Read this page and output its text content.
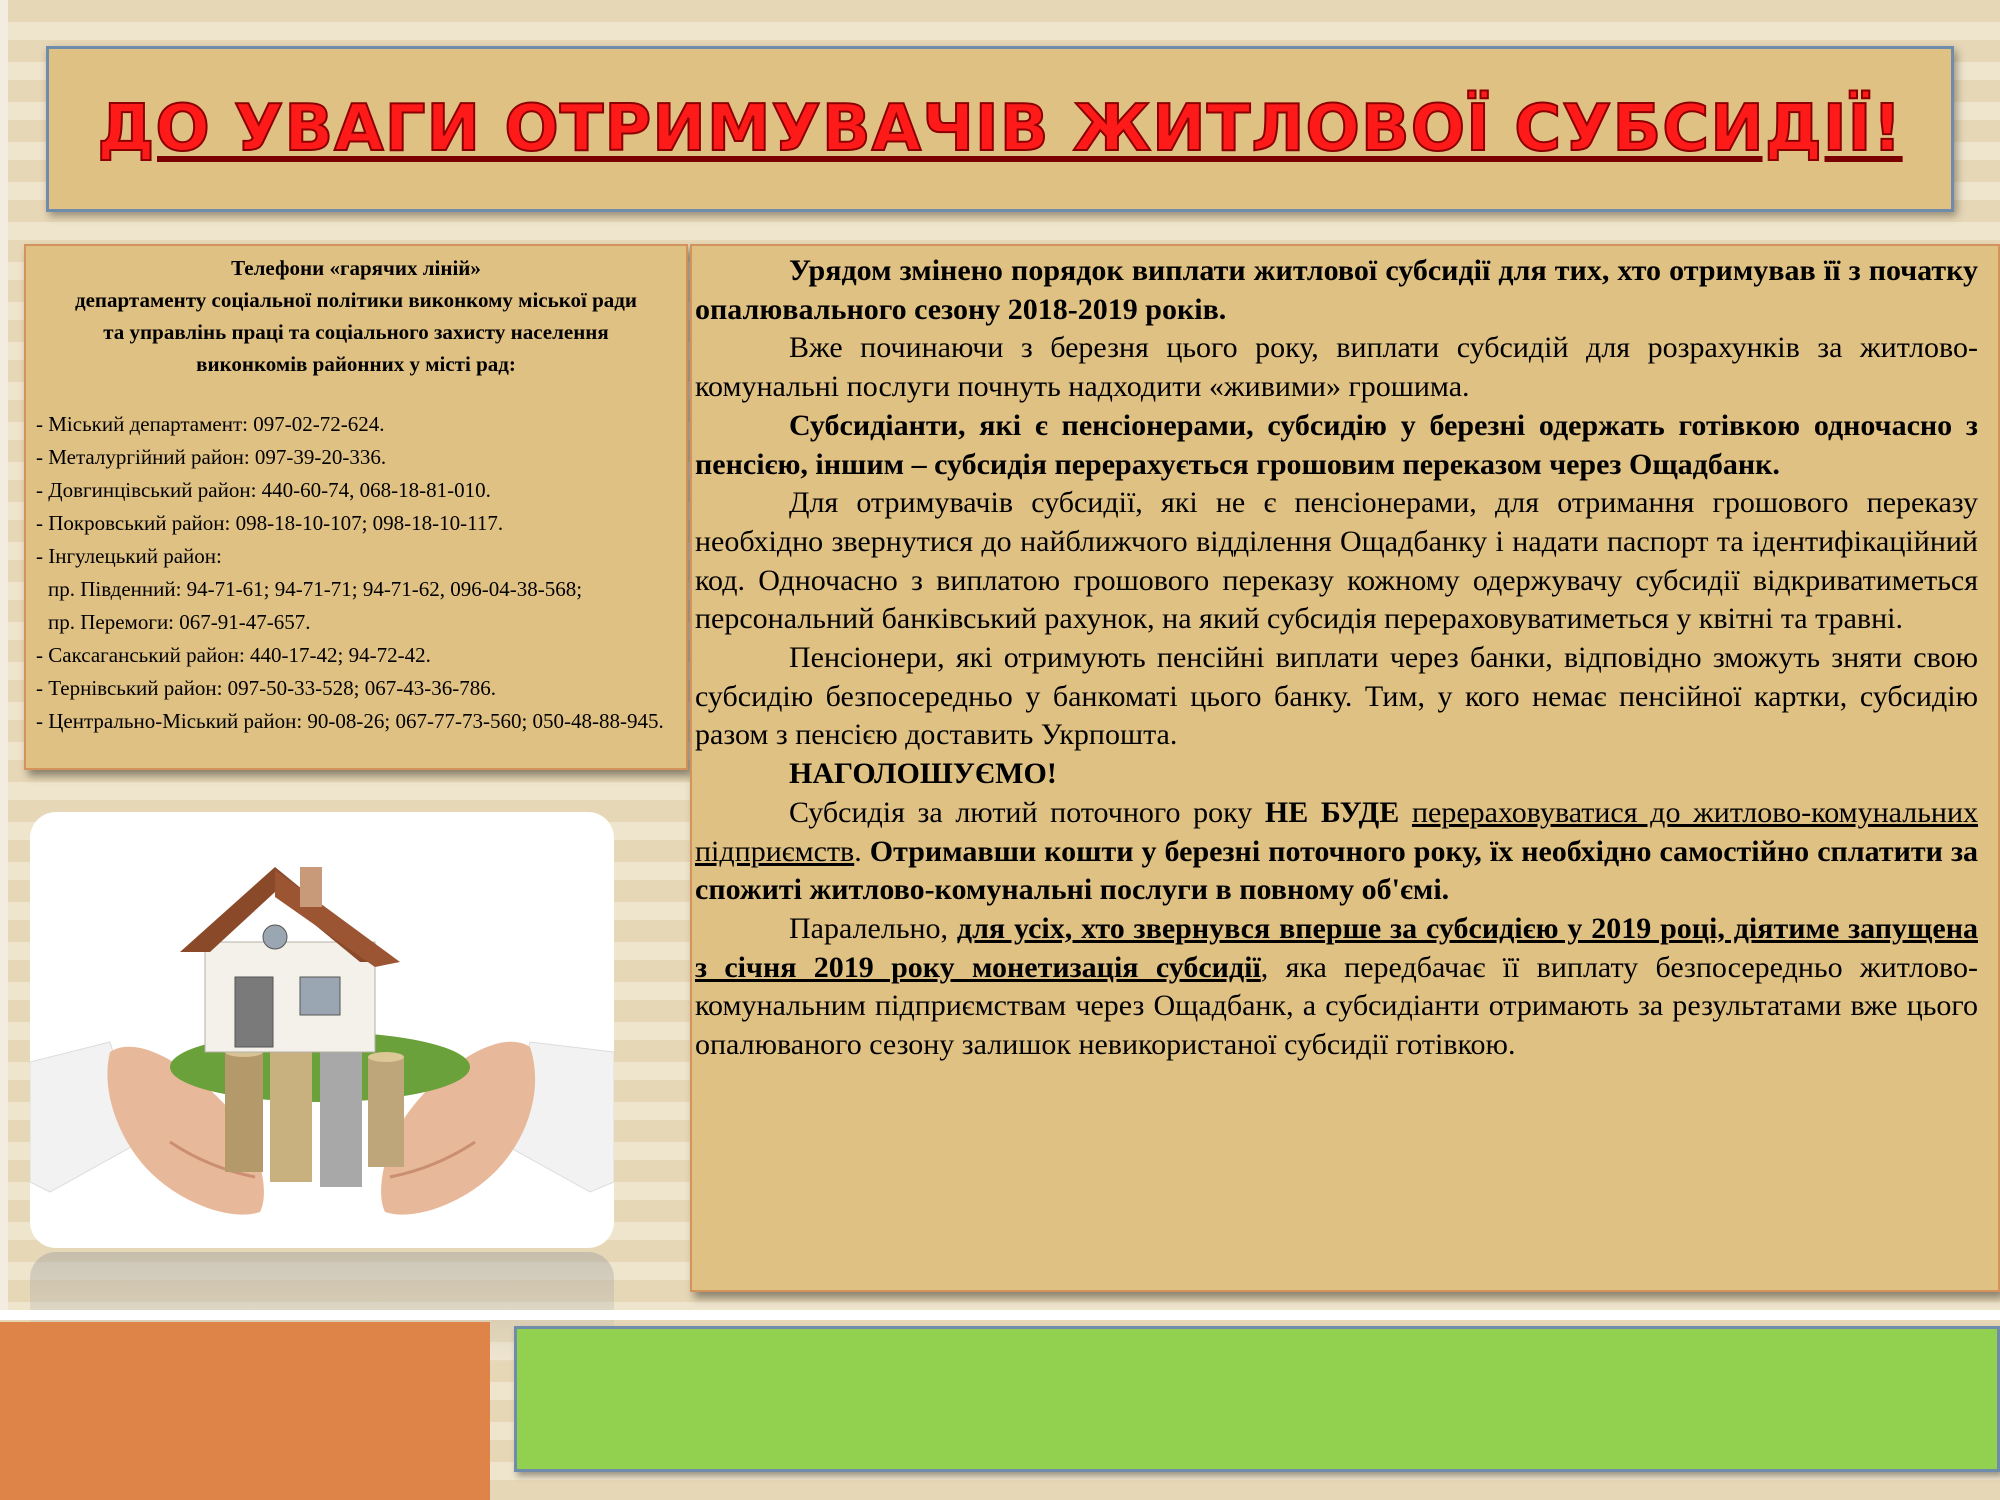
ДО УВАГИ ОТРИМУВАЧІВ ЖИТЛОВОЇ СУБСИДІЇ!
Телефони «гарячих ліній»
департаменту соціальної політики виконкому міської ради
та управлінь праці та соціального захисту населення
виконкомів районних у місті рад:
- Міський департамент: 097-02-72-624.
- Металургійний район: 097-39-20-336.
- Довгинцівський район: 440-60-74, 068-18-81-010.
- Покровський район: 098-18-10-107; 098-18-10-117.
- Інгулецький район:
пр. Південний: 94-71-61; 94-71-71; 94-71-62, 096-04-38-568;
пр. Перемоги: 067-91-47-657.
- Саксаганський район: 440-17-42; 94-72-42.
- Тернівський район: 097-50-33-528; 067-43-36-786.
- Центрально-Міський район: 90-08-26; 067-77-73-560; 050-48-88-945.

Урядом змінено порядок виплати житлової субсидії для тих, хто отримував її з початку опалювального сезону 2018-2019 років.

Вже починаючи з березня цього року, виплати субсидій для розрахунків за житлово-комунальні послуги почнуть надходити «живими» грошима.

Субсидіанти, які є пенсіонерами, субсидію у березні одержать готівкою одночасно з пенсією, іншим – субсидія перерахується грошовим переказом через Ощадбанк.

Для отримувачів субсидії, які не є пенсіонерами, для отримання грошового переказу необхідно звернутися до найближчого відділення Ощадбанку і надати паспорт та ідентифікаційний код. Одночасно з виплатою грошового переказу кожному одержувачу субсидії відкриватиметься персональний банківський рахунок, на який субсидія перераховуватиметься у квітні та травні.

Пенсіонери, які отримують пенсійні виплати через банки, відповідно зможуть зняти свою субсидію безпосередньо у банкоматі цього банку. Тим, у кого немає пенсійної картки, субсидію разом з пенсією доставить Укрпошта.

НАГОЛОШУЄМО!

Субсидія за лютий поточного року НЕ БУДЕ перераховуватися до житлово-комунальних підприємств. Отримавши кошти у березні поточного року, їх необхідно самостійно сплатити за спожиті житлово-комунальні послуги в повному об'ємі.

Паралельно, для усіх, хто звернувся вперше за субсидією у 2019 році, діятиме запущена з січня 2019 року монетизація субсидії, яка передбачає її виплату безпосередньо житлово-комунальним підприємствам через Ощадбанк, а субсидіанти отримають за результатами вже цього опалюваного сезону залишок невикористаної субсидії готівкою.
